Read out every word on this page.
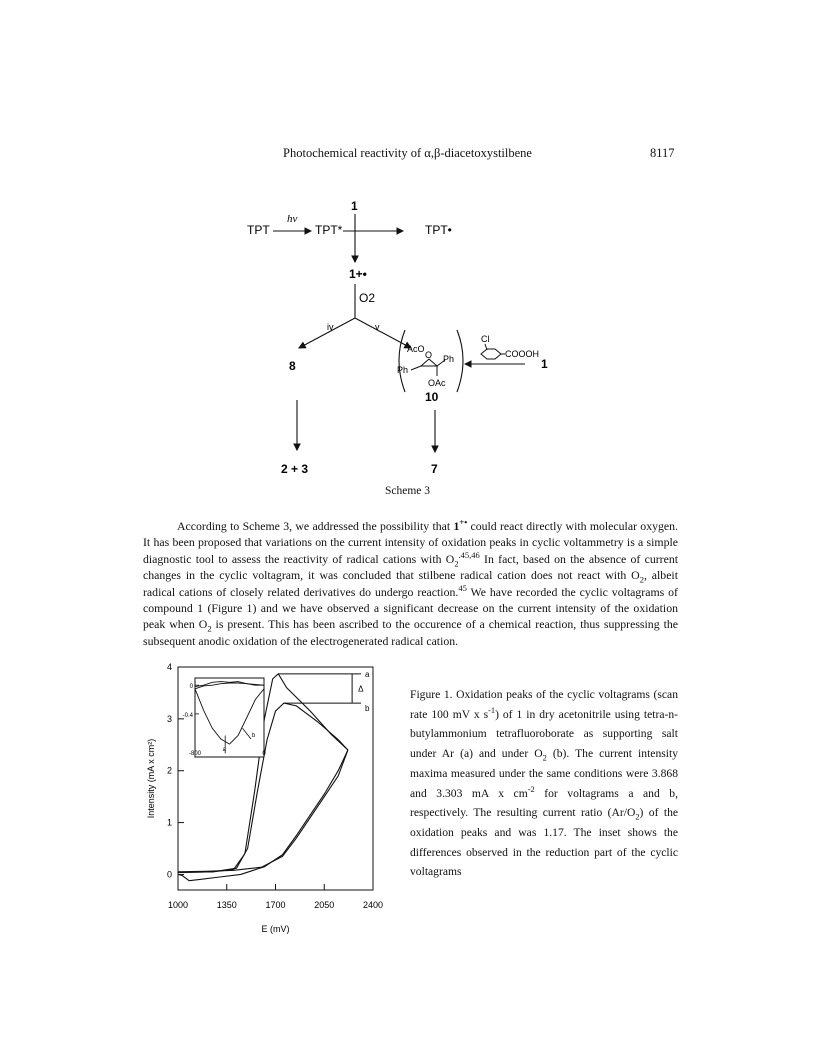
Photochemical reactivity of α,β-diacetoxystilbene	8117
TPT
hν
TPT*	TPT•
1
1+•
O2
iv	v
8
AcO
O Ph
Ph
OAc
10
Cl
COOOH
1
2 + 3	7
Scheme 3
According to Scheme 3, we addressed the possibility that 1+• could react directly with molecular oxygen. It has been proposed that variations on the current intensity of oxidation peaks in cyclic voltammetry is a simple diagnostic tool to assess the reactivity of radical cations with $O_2^{.45,46}$ In fact, based on the absence of current changes in the cyclic voltagram, it was concluded that stilbene radical cation does not react with $O_2$, albeit radical cations of closely related derivatives do undergo reaction.$^{45}$ We have recorded the cyclic voltagrams of compound 1 (Figure 1) and we have observed a significant decrease on the current intensity of the oxidation peak when $O_2$ is present. This has been ascribed to the occurence of a chemical reaction, thus suppressing the subsequent anodic oxidation of the electrogenerated radical cation.
1000	1350	1700	2050	2400
0
1
2
3
4
E (mV)
Intensity (mA x cm²)
a
b
Δ
0
-0.4
-800	0
a
b
Figure 1. Oxidation peaks of the cyclic voltagrams (scan rate 100 mV x $s^{-1}$) of 1 in dry acetonitrile using tetra-n-butylammonium tetrafluoroborate as supporting salt under Ar (a) and under $O_2$ (b). The current intensity maxima measured under the same conditions were 3.868 and 3.303 mA x $cm^{-2}$ for voltagrams a and b, respectively. The resulting current ratio $(Ar/O_2)$ of the oxidation peaks and was 1.17. The inset shows the differences observed in the reduction part of the cyclic voltagrams
